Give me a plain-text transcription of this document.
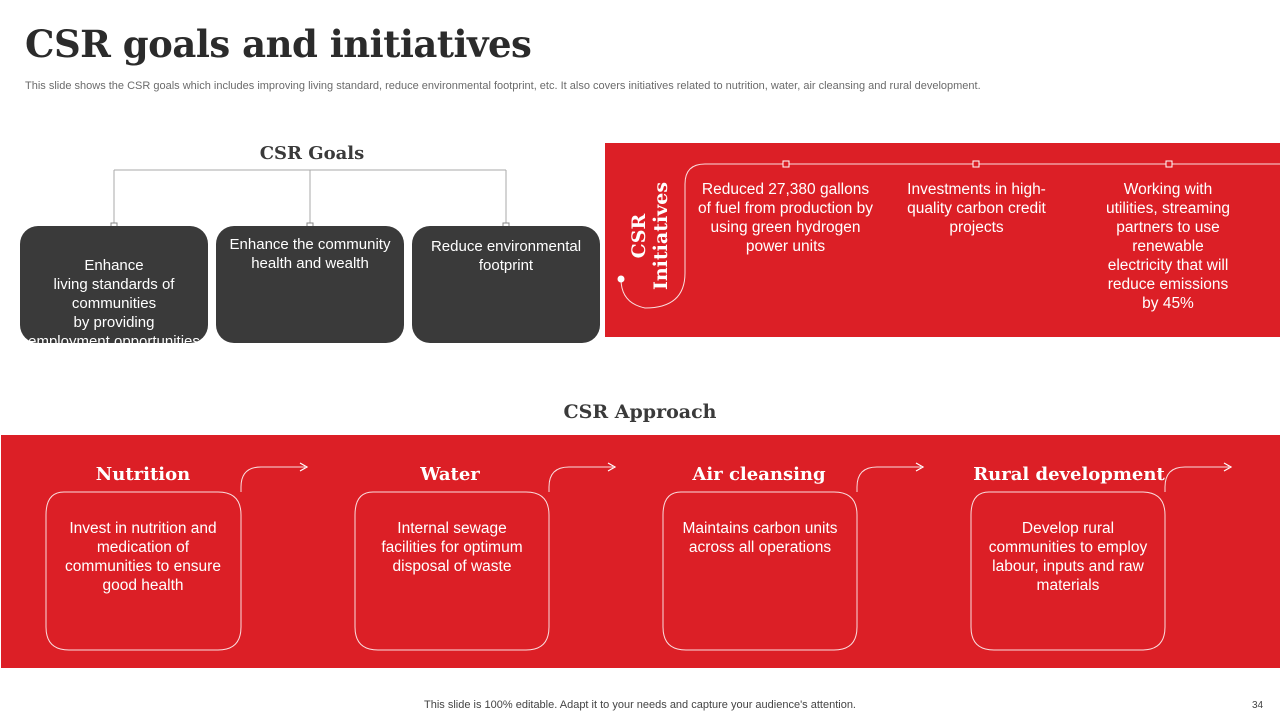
CSR goals and initiatives
This slide shows the CSR goals which includes improving living standard, reduce environmental footprint, etc. It also covers initiatives related to nutrition, water, air cleansing and rural development.
CSR Goals

Enhance
living standards of communities
by providing
employment opportunities

Enhance the community health and wealth
Reduce environmental footprint
CSR Initiatives	Reduced 27,380 gallons of fuel from production by using green hydrogen power units
Investments in high-quality carbon credit projects
Working with utilities, streaming partners to use renewable electricity that will reduce emissions by 45%
CSR Approach
Nutrition	Water	Air cleansing	Rural development
Invest in nutrition and medication of communities to ensure good health
Internal sewage facilities for optimum disposal of waste
Maintains carbon units across all operations
Develop rural communities to employ labour, inputs and raw materials
This slide is 100% editable. Adapt it to your needs and capture your audience's attention.	34
